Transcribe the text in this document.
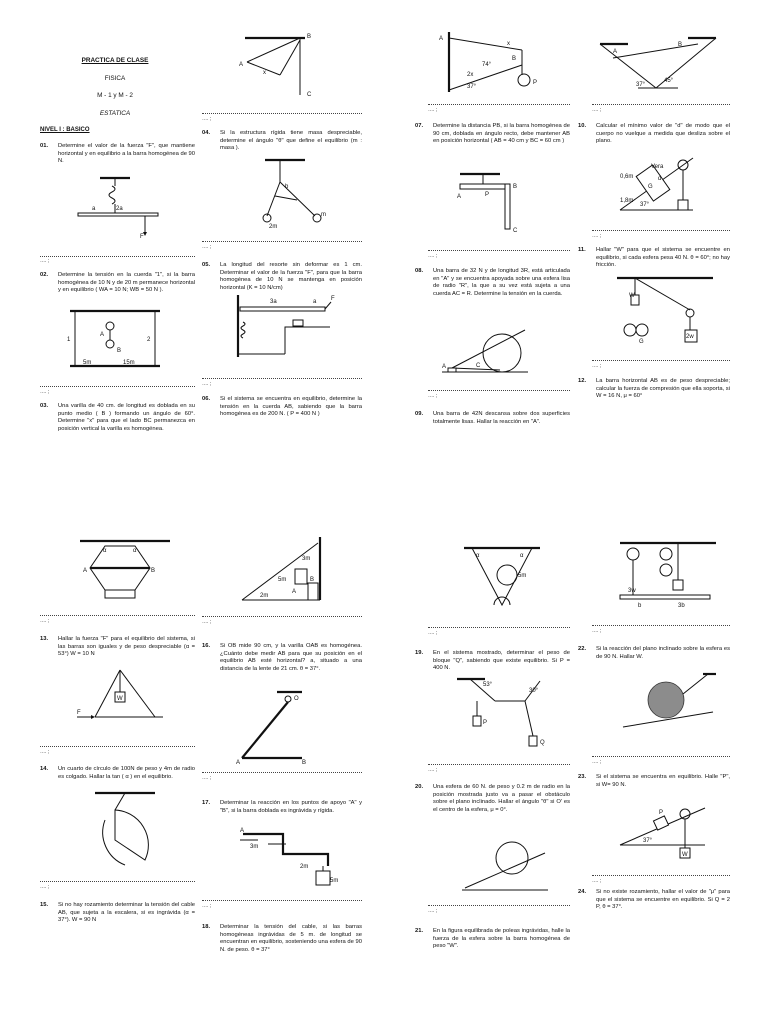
PRACTICA DE CLASE
FISICA
M - 1 y M - 2
ESTATICA
NIVEL I : BASICO
01. Determine el valor de la fuerza "F", que mantiene horizontal y en equilibrio a la barra homogénea de 90 N.
a	2a
F
…. ;
02. Determine la tensión en la cuerda "1", si la barra homogénea de 10 N y de 20 m permanece horizontal y en equilibrio ( WA = 10 N; WB = 50 N ).
1	2
A
B
5m	15m
…. ;
03. Una varilla de 40 cm. de longitud es doblada en su punto medio ( B ) formando un ángulo de 60°. Determine "x" para que el lado BC permanezca en posición vertical la varilla es homogénea.
A
B
C
x
…. ;
04. Si la estructura rígida tiene masa despreciable, determine el ángulo "θ" que define el equilibrio (m : masa ).
b
m
2m
…. ;
05. La longitud del resorte sin deformar es 1 cm. Determinar el valor de la fuerza "F", para que la barra homogénea de 10 N se mantenga en posición horizontal (K = 10 N/cm)
3a	a F
…. ;
06. Si el sistema se encuentra en equilibrio, determine la tensión en la cuerda AB, sabiendo que la barra homogénea es de 200 N. ( P = 400 N )
A
B
x
2x
74°
37°
P
…. ;
07. Determine la distancia PB, si la barra homogénea de 90 cm, doblada en ángulo recto, debe mantener AB en posición horizontal ( AB = 40 cm y BC = 60 cm )
A
B
C
P
…. ;
08. Una barra de 32 N y de longitud 3R, está articulada en "A" y se encuentra apoyada sobre una esfera lisa de radio "R", la que a su vez está sujeta a una cuerda AC = R. Determine la tensión en la cuerda.
A	C
…. ;
09. Una barra de 42N descansa sobre dos superficies totalmente lisas. Hallar la reacción en "A".
A
B
37°
45°
…. ;
10. Calcular el mínimo valor de "d" de modo que el cuerpo no vuelque a medida que desliza sobre el plano.
0,6m
1,8m
37°
d
G
Vera
…. ;
11. Hallar "W" para que el sistema se encuentre en equilibrio, si cada esfera pesa 40 N. θ = 60°; no hay fricción.
W
G
2w
…. ;
12. La barra horizontal AB es de peso despreciable; calcular la fuerza de compresión que ella soporta, si W = 16 N, μ = 60°
α	α
A	B
…. ;
13. Hallar la fuerza "F" para el equilibrio del sistema, si las barras son iguales y de peso despreciable (α = 53°) W = 10 N
F
W
…. ;
14. Un cuarto de círculo de 100N de peso y 4m de radio es colgado. Hallar la tan ( α ) en el equilibrio.
…. ;
15. Si no hay rozamiento determinar la tensión del cable AB, que sujeta a la escalera, si es ingrávida (α = 37°). W = 90 N
2m
5m
3m
A
B
…. ;
16. Si OB mide 90 cm, y la varilla OAB es homogénea. ¿Cuánto debe medir AB para que su posición en el equilibrio AB esté horizontal? a, situado a una distancia de la lente de 21 cm. θ = 37°.
O
A	B
…. ;
17. Determinar la reacción en los puntos de apoyo "A" y "B", si la barra doblada es ingrávida y rígida.
A
3m
2m
5m
…. ;
18. Determinar la tensión del cable, si las barras homogéneas ingrávidas de 5 m. de longitud se encuentran en equilibrio, sosteniendo una esfera de 90 N. de peso. θ = 37°
α	α
5m
…. ;
19. En el sistema mostrado, determinar el peso de bloque "Q", sabiendo que existe equilibrio. Si P = 400 N.
53°
30°
P
Q
…. ;
20. Una esfera de 60 N. de peso y 0.2 m de radio en la posición mostrada justo va a pasar el obstáculo sobre el plano inclinado. Hallar el ángulo "θ" si O' es el centro de la esfera, μ = 0°.
…. ;
21. En la figura equilibrada de poleas ingrávidas, halle la fuerza de la esfera sobre la barra homogénea de peso "W".
b	3b
3w
…. ;
22. Si la reacción del plano inclinado sobre la esfera es de 90 N. Hallar W.
…. ;
23. Si el sistema se encuentra en equilibrio. Halle "P", si W= 90 N.
37°
P
W
…. ;
24. Si no existe rozamiento, hallar el valor de "μ" para que el sistema se encuentre en equilibrio. Si Q = 2 P, θ = 37°.
